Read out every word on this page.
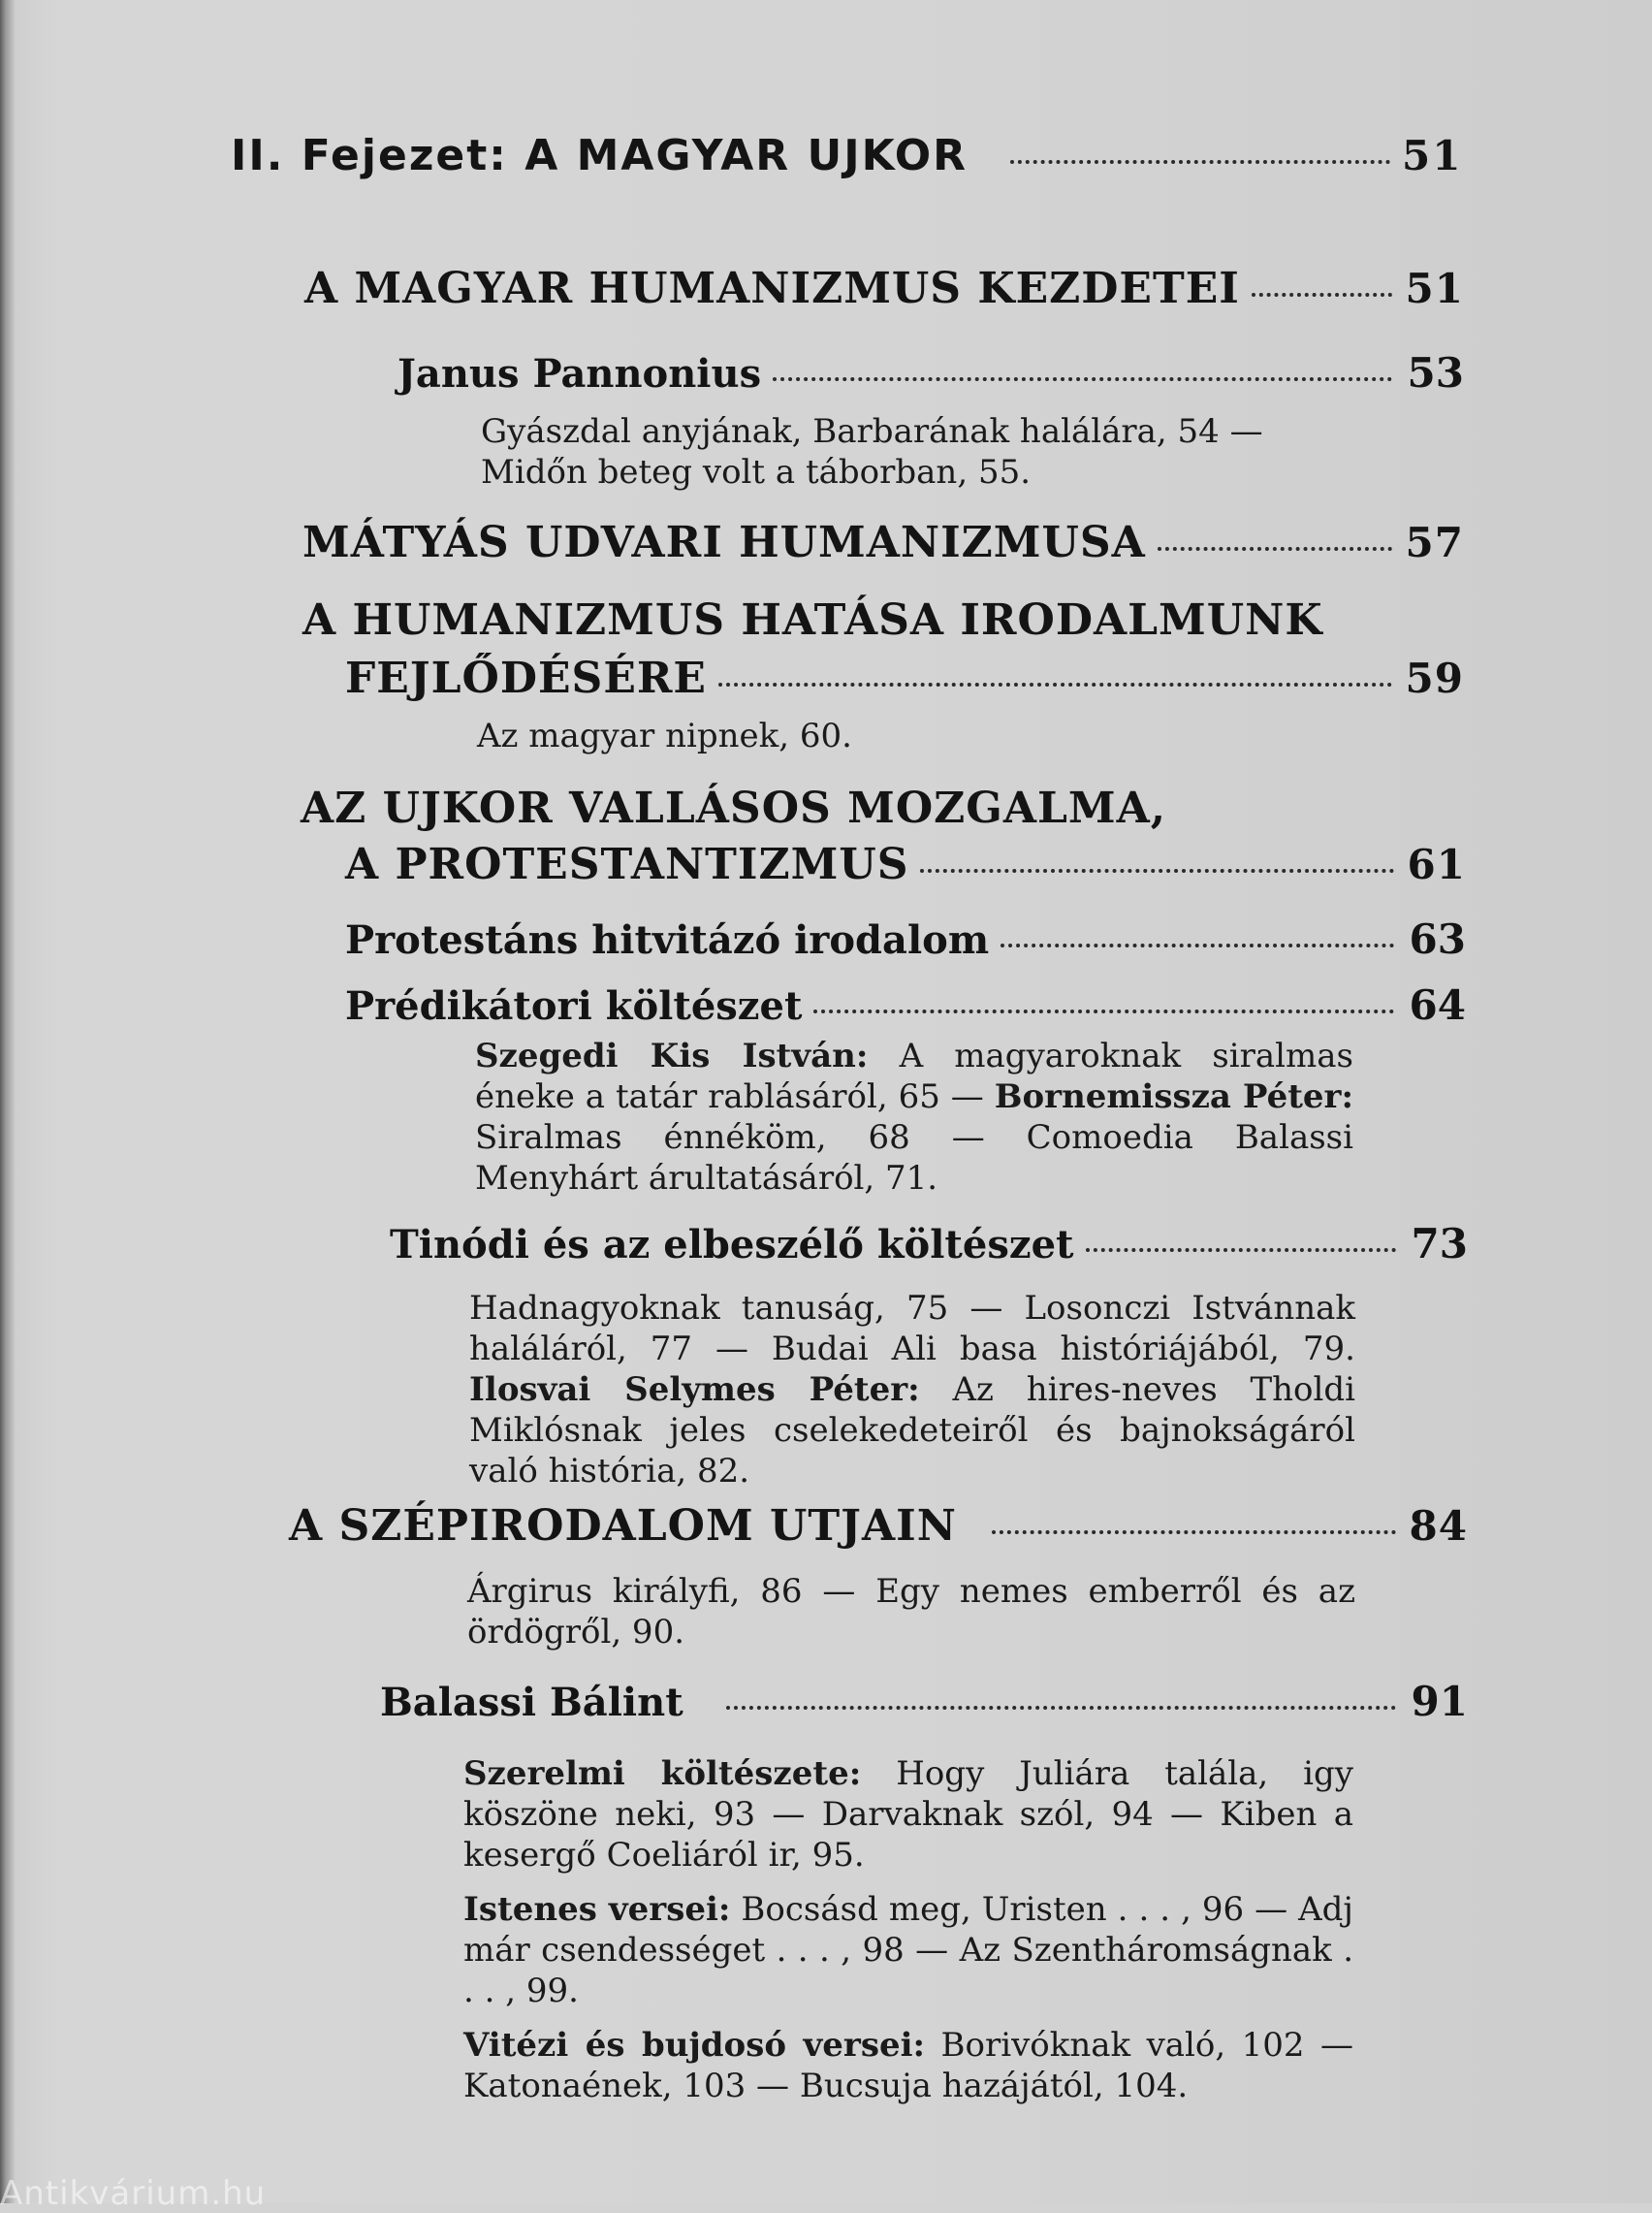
II. Fejezet: A MAGYAR UJKOR	51
A MAGYAR HUMANIZMUS KEZDETEI	51
Janus Pannonius	53

Gyászdal anyjának, Barbarának halálára, 54 —

Midőn beteg volt a táborban, 55.

MÁTYÁS UDVARI HUMANIZMUSA	57
A HUMANIZMUS HATÁSA IRODALMUNK
FEJLŐDÉSÉRE	59

Az magyar nipnek, 60.

AZ UJKOR VALLÁSOS MOZGALMA,
A PROTESTANTIZMUS	61
Protestáns hitvitázó irodalom	63
Prédikátori költészet	64

Szegedi Kis István: A magyaroknak siralmas éneke a tatár rablásáról, 65 — Bornemissza Péter: Siralmas énnéköm, 68 — Comoedia Balassi Menyhárt árultatásáról, 71.

Tinódi és az elbeszélő költészet	73

Hadnagyoknak tanuság, 75 — Losonczi Istvánnak haláláról, 77 — Budai Ali basa históriájából, 79. Ilosvai Selymes Péter: Az hires-neves Tholdi Miklósnak jeles cselekedeteiről és bajnokságáról való história, 82.

A SZÉPIRODALOM UTJAIN	84

Árgirus királyfi, 86 — Egy nemes emberről és az ördögről, 90.

Balassi Bálint	91

Szerelmi költészete: Hogy Juliára talála, igy köszöne neki, 93 — Darvaknak szól, 94 — Kiben a kesergő Coeliáról ir, 95.

Istenes versei: Bocsásd meg, Uristen . . . , 96 — Adj már csendességet . . . , 98 — Az Szentháromságnak . . . , 99.

Vitézi és bujdosó versei: Borivóknak való, 102 — Katonaének, 103 — Bucsuja hazájától, 104.

Antikvárium.hu
